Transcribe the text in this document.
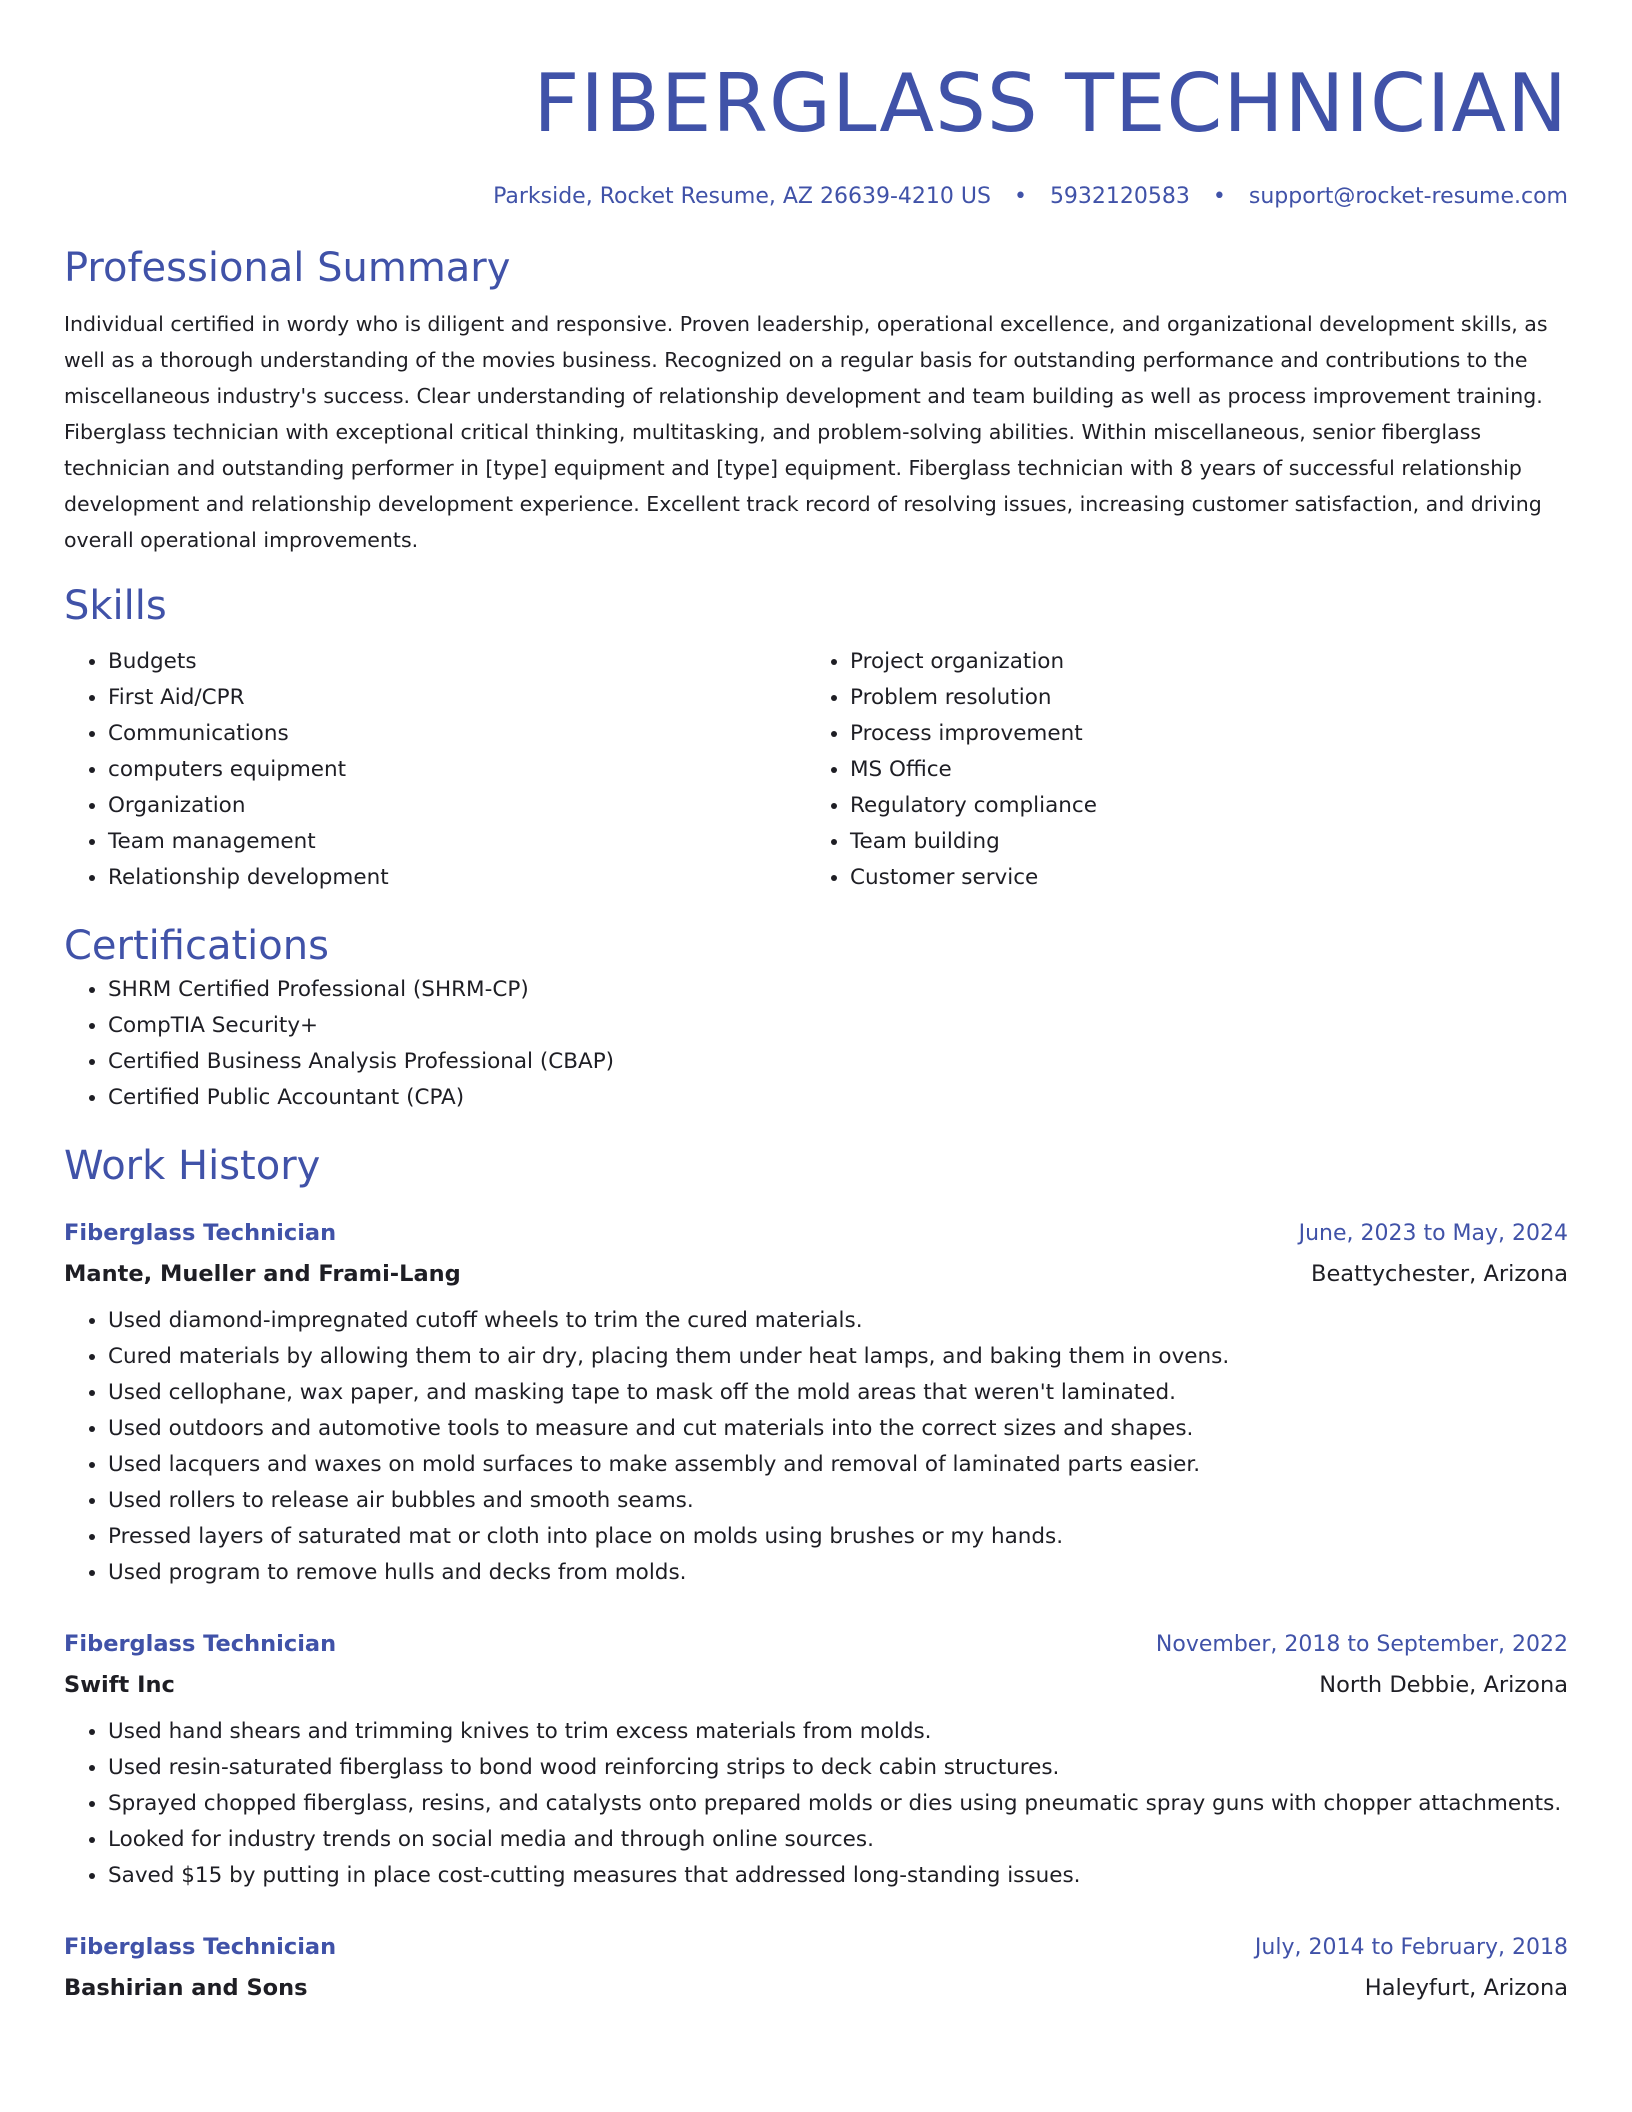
FIBERGLASS TECHNICIAN
Parkside, Rocket Resume, AZ 26639-4210 US • 5932120583 • support@rocket-resume.com
Professional Summary
Individual certified in wordy who is diligent and responsive. Proven leadership, operational excellence, and organizational development skills, as well as a thorough understanding of the movies business. Recognized on a regular basis for outstanding performance and contributions to the miscellaneous industry's success. Clear understanding of relationship development and team building as well as process improvement training. Fiberglass technician with exceptional critical thinking, multitasking, and problem-solving abilities. Within miscellaneous, senior fiberglass technician and outstanding performer in [type] equipment and [type] equipment. Fiberglass technician with 8 years of successful relationship development and relationship development experience. Excellent track record of resolving issues, increasing customer satisfaction, and driving overall operational improvements.
Skills
• Budgets
• First Aid/CPR
• Communications
• computers equipment
• Organization
• Team management
• Relationship development
• Project organization
• Problem resolution
• Process improvement
• MS Office
• Regulatory compliance
• Team building
• Customer service
Certifications
• SHRM Certified Professional (SHRM-CP)
• CompTIA Security+
• Certified Business Analysis Professional (CBAP)
• Certified Public Accountant (CPA)
Work History
Fiberglass Technician	June, 2023 to May, 2024
Mante, Mueller and Frami-Lang	Beattychester, Arizona
• Used diamond-impregnated cutoff wheels to trim the cured materials.
• Cured materials by allowing them to air dry, placing them under heat lamps, and baking them in ovens.
• Used cellophane, wax paper, and masking tape to mask off the mold areas that weren't laminated.
• Used outdoors and automotive tools to measure and cut materials into the correct sizes and shapes.
• Used lacquers and waxes on mold surfaces to make assembly and removal of laminated parts easier.
• Used rollers to release air bubbles and smooth seams.
• Pressed layers of saturated mat or cloth into place on molds using brushes or my hands.
• Used program to remove hulls and decks from molds.
Fiberglass Technician	November, 2018 to September, 2022
Swift Inc	North Debbie, Arizona
• Used hand shears and trimming knives to trim excess materials from molds.
• Used resin-saturated fiberglass to bond wood reinforcing strips to deck cabin structures.
• Sprayed chopped fiberglass, resins, and catalysts onto prepared molds or dies using pneumatic spray guns with chopper attachments.
• Looked for industry trends on social media and through online sources.
• Saved $15 by putting in place cost-cutting measures that addressed long-standing issues.
Fiberglass Technician	July, 2014 to February, 2018
Bashirian and Sons	Haleyfurt, Arizona
